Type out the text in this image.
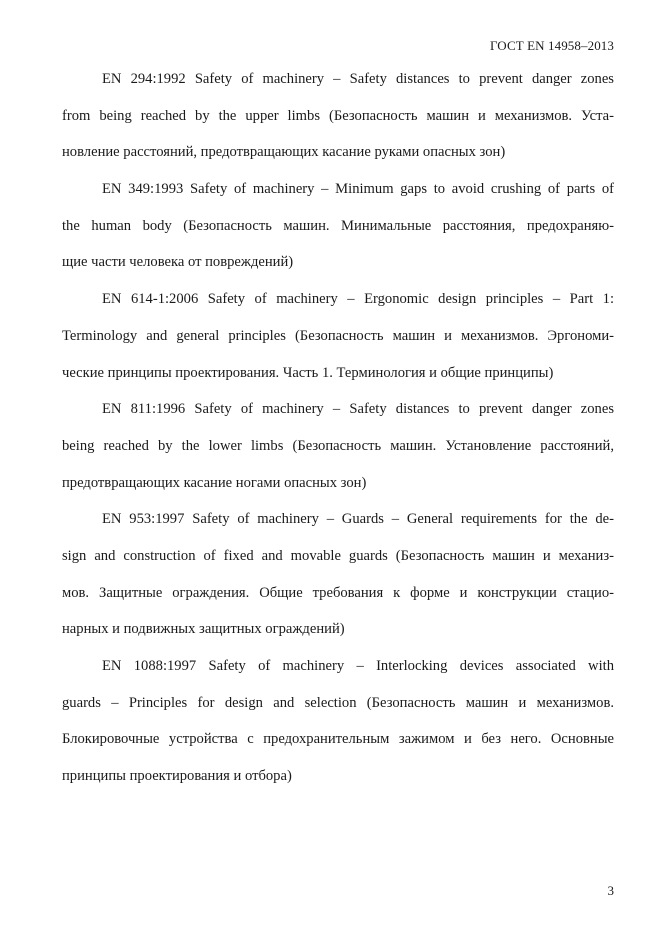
ГОСТ EN 14958–2013
EN 294:1992 Safety of machinery – Safety distances to prevent danger zones
from being reached by the upper limbs (Безопасность машин и механизмов. Уста-
новление расстояний, предотвращающих касание руками опасных зон)
EN 349:1993 Safety of machinery – Minimum gaps to avoid crushing of parts of
the human body (Безопасность машин. Минимальные расстояния, предохраняю-
щие части человека от повреждений)
EN 614-1:2006 Safety of machinery – Ergonomic design principles – Part 1:
Terminology and general principles (Безопасность машин и механизмов. Эргономи-
ческие принципы проектирования. Часть 1. Терминология и общие принципы)
EN 811:1996 Safety of machinery – Safety distances to prevent danger zones
being reached by the lower limbs (Безопасность машин. Установление расстояний,
предотвращающих касание ногами опасных зон)
EN 953:1997 Safety of machinery – Guards – General requirements for the de-
sign and construction of fixed and movable guards (Безопасность машин и механиз-
мов. Защитные ограждения. Общие требования к форме и конструкции стацио-
нарных и подвижных защитных ограждений)
EN 1088:1997 Safety of machinery – Interlocking devices associated with
guards – Principles for design and selection (Безопасность машин и механизмов.
Блокировочные устройства с предохранительным зажимом и без него. Основные
принципы проектирования и отбора)
3
